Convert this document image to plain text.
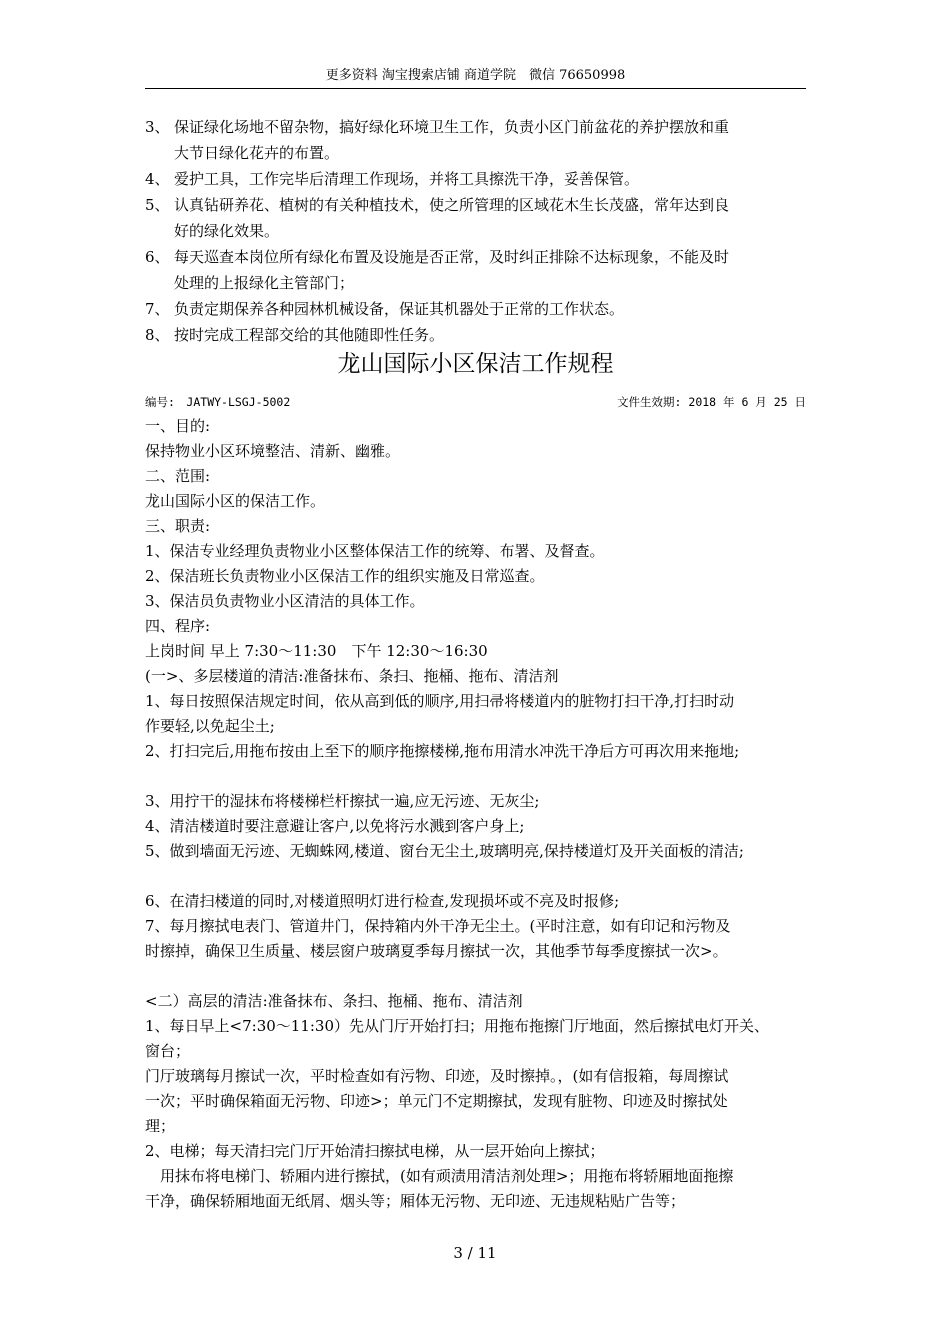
更多资料 淘宝搜索店铺 商道学院　微信 76650998
3、 保证绿化场地不留杂物，搞好绿化环境卫生工作，负责小区门前盆花的养护摆放和重
大节日绿化花卉的布置。
4、 爱护工具，工作完毕后清理工作现场，并将工具擦洗干净，妥善保管。
5、 认真钻研养花、植树的有关种植技术，使之所管理的区域花木生长茂盛，常年达到良
好的绿化效果。
6、 每天巡查本岗位所有绿化布置及设施是否正常，及时纠正排除不达标现象，不能及时
处理的上报绿化主管部门；
7、 负责定期保养各种园林机械设备，保证其机器处于正常的工作状态。
8、 按时完成工程部交给的其他随即性任务。
龙山国际小区保洁工作规程
编号:　JATWY-LSGJ-5002	文件生效期: 2018 年 6 月 25 日

一、目的:

保持物业小区环境整洁、清新、幽雅。

二、范围:

龙山国际小区的保洁工作。

三、职责:

1、保洁专业经理负责物业小区整体保洁工作的统筹、布署、及督查。

2、保洁班长负责物业小区保洁工作的组织实施及日常巡查。

3、保洁员负责物业小区清洁的具体工作。

四、程序:

上岗时间 早上 7:30～11:30　下午 12:30～16:30

(一>、多层楼道的清洁:准备抹布、条扫、拖桶、拖布、清洁剂

1、每日按照保洁规定时间，依从高到低的顺序,用扫帚将楼道内的脏物打扫干净,打扫时动

作要轻,以免起尘土;

2、打扫完后,用拖布按由上至下的顺序拖擦楼梯,拖布用清水冲洗干净后方可再次用来拖地;

3、用拧干的湿抹布将楼梯栏杆擦拭一遍,应无污迹、无灰尘;

4、清洁楼道时要注意避让客户,以免将污水溅到客户身上;

5、做到墙面无污迹、无蜘蛛网,楼道、窗台无尘土,玻璃明亮,保持楼道灯及开关面板的清洁;

6、在清扫楼道的同时,对楼道照明灯进行检查,发现损坏或不亮及时报修;

7、每月擦拭电表门、管道井门，保持箱内外干净无尘土。(平时注意，如有印记和污物及

时擦掉，确保卫生质量、楼层窗户玻璃夏季每月擦拭一次，其他季节每季度擦拭一次>。

<二）高层的清洁:准备抹布、条扫、拖桶、拖布、清洁剂

1、每日早上<7:30～11:30）先从门厅开始打扫；用拖布拖擦门厅地面，然后擦拭电灯开关、

窗台；

门厅玻璃每月擦试一次，平时检查如有污物、印迹，及时擦掉。，(如有信报箱，每周擦试

一次；平时确保箱面无污物、印迹>；单元门不定期擦拭，发现有脏物、印迹及时擦拭处

理；

2、电梯；每天清扫完门厅开始清扫擦拭电梯，从一层开始向上擦拭；

　用抹布将电梯门、轿厢内进行擦拭，(如有顽渍用清洁剂处理>；用拖布将轿厢地面拖擦

干净，确保轿厢地面无纸屑、烟头等；厢体无污物、无印迹、无违规粘贴广告等；

3 / 11
